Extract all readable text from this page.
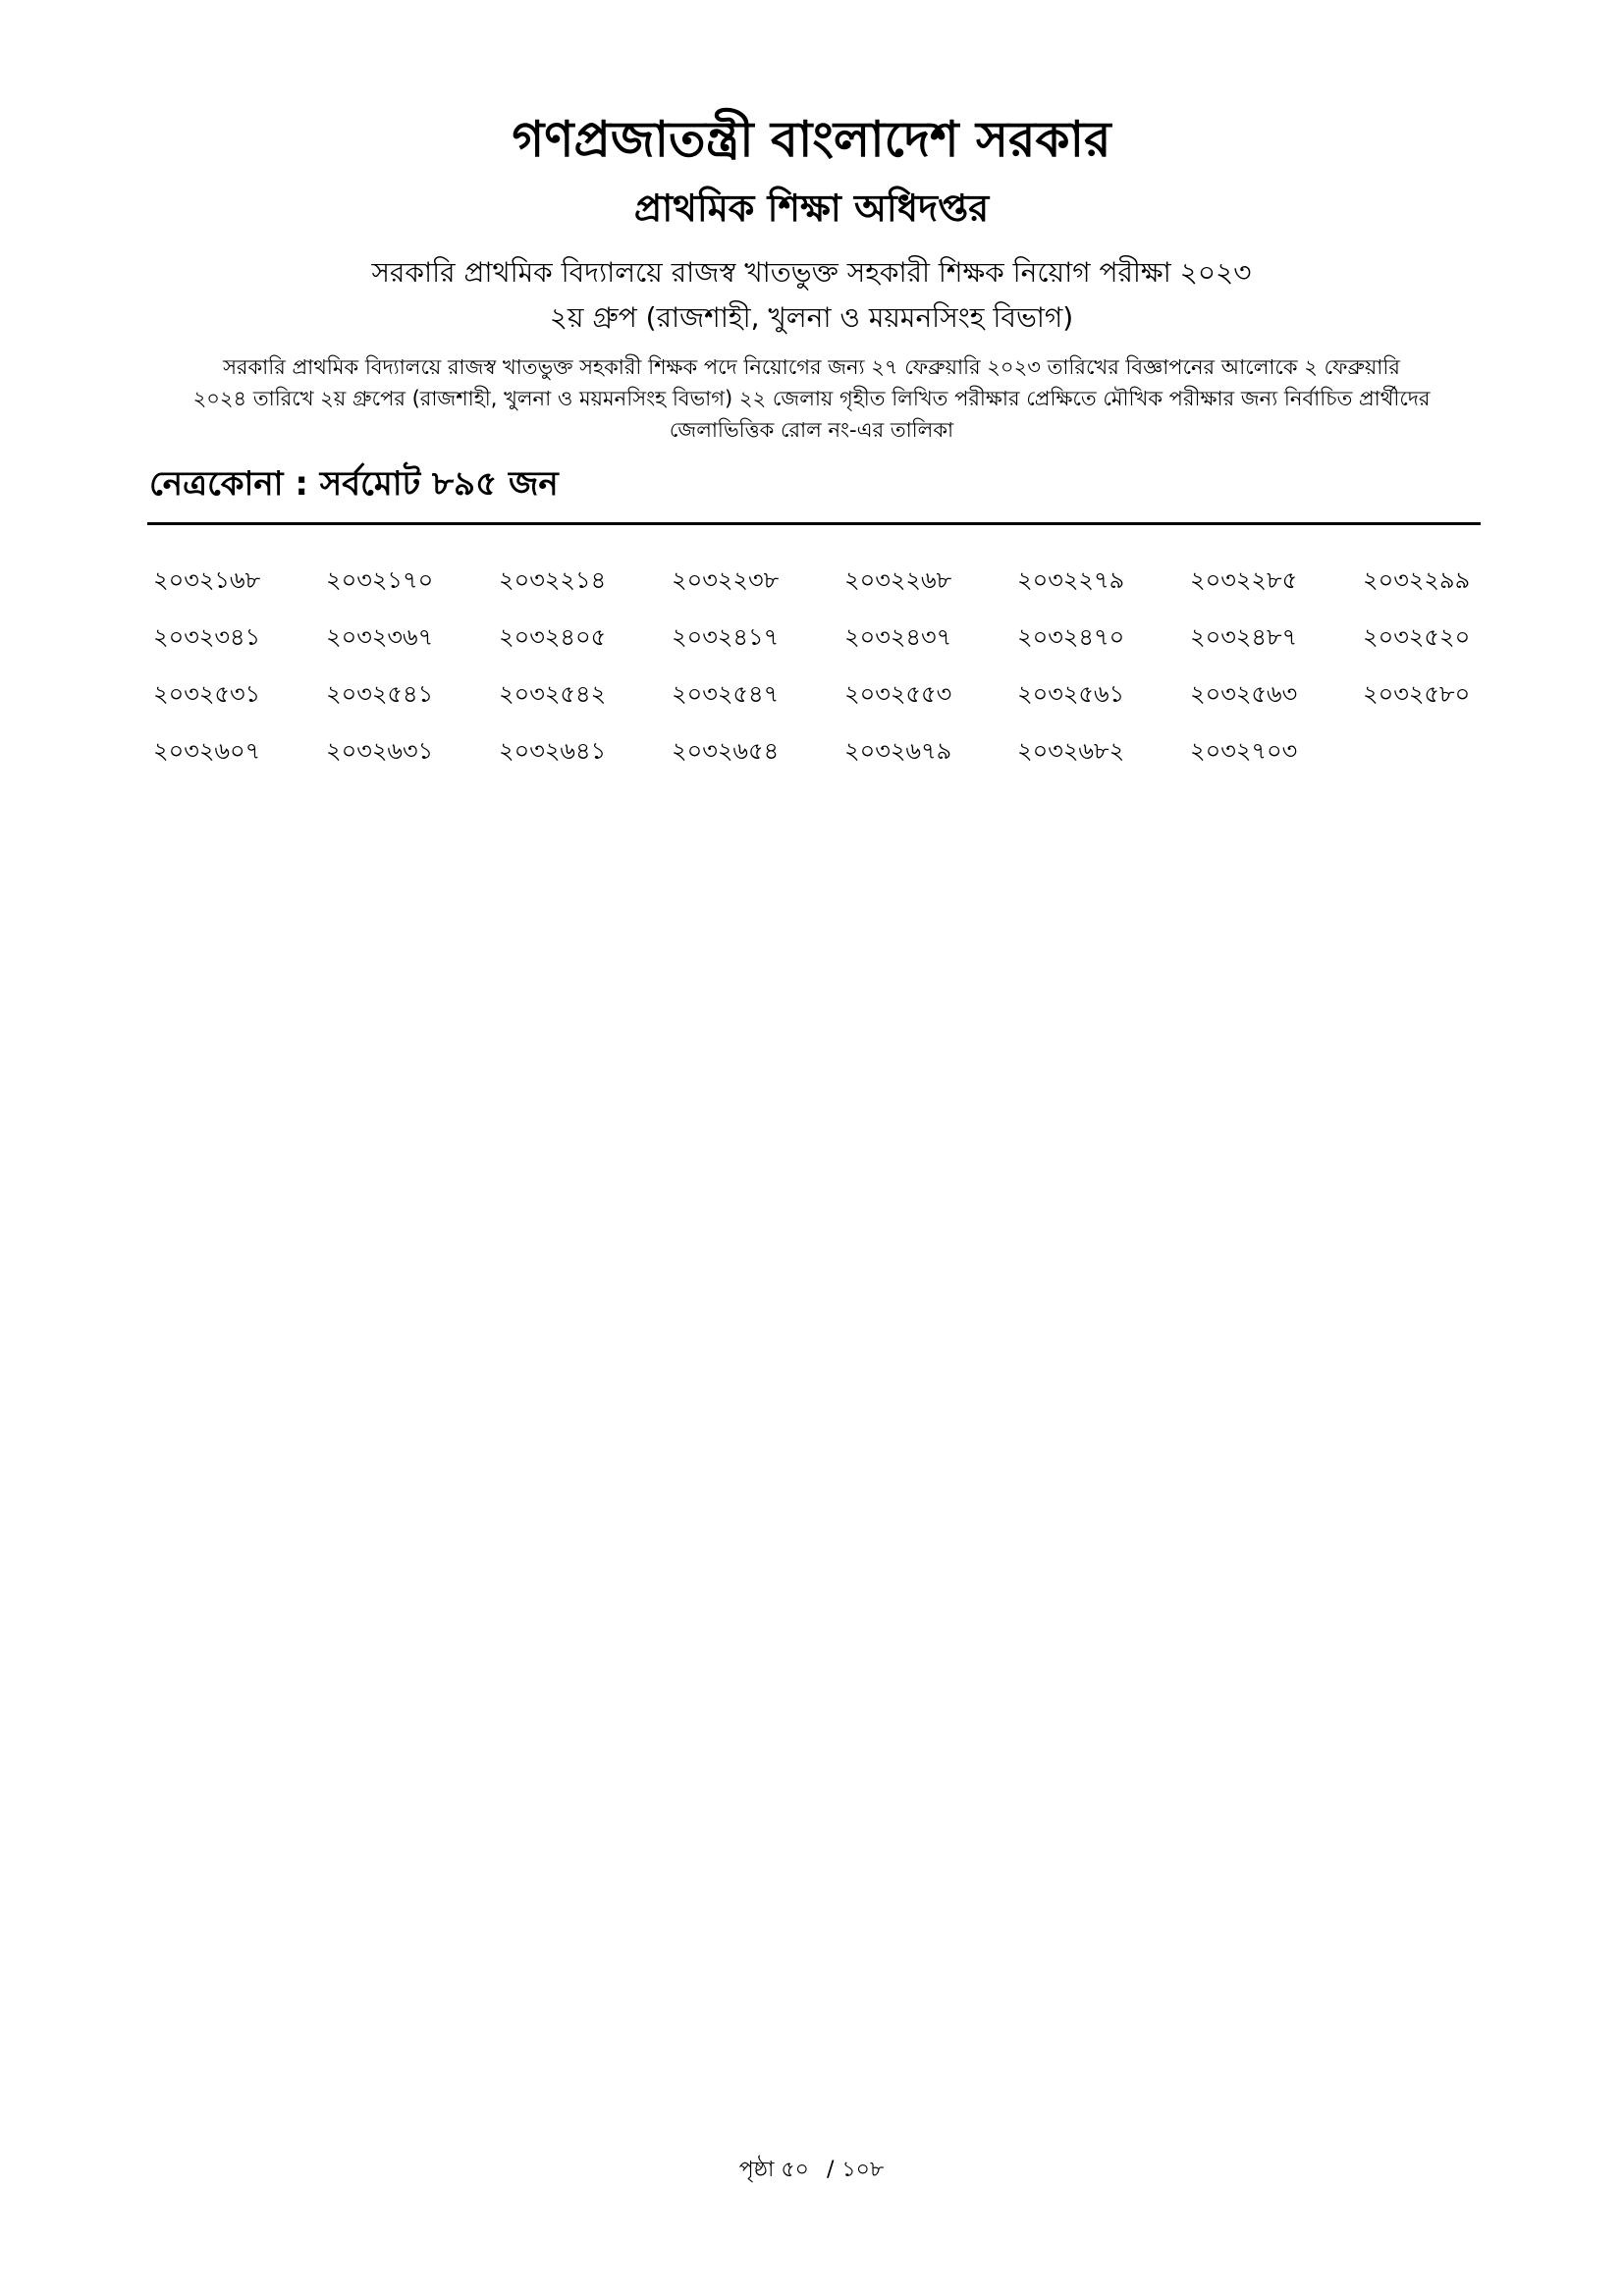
গণপ্রজাতন্ত্রী বাংলাদেশ সরকার
প্রাথমিক শিক্ষা অধিদপ্তর

সরকারি প্রাথমিক বিদ্যালয়ে রাজস্ব খাতভুক্ত সহকারী শিক্ষক নিয়োগ পরীক্ষা ২০২৩

২য় গ্রুপ (রাজশাহী, খুলনা ও ময়মনসিংহ বিভাগ)

সরকারি প্রাথমিক বিদ্যালয়ে রাজস্ব খাতভুক্ত সহকারী শিক্ষক পদে নিয়োগের জন্য ২৭ ফেব্রুয়ারি ২০২৩ তারিখের বিজ্ঞাপনের আলোকে ২ ফেব্রুয়ারি ২০২৪ তারিখে ২য় গ্রুপের (রাজশাহী, খুলনা ও ময়মনসিংহ বিভাগ) ২২ জেলায় গৃহীত লিখিত পরীক্ষার প্রেক্ষিতে মৌখিক পরীক্ষার জন্য নির্বাচিত প্রার্থীদের জেলাভিত্তিক রোল নং-এর তালিকা

নেত্রকোনা : সর্বমোট ৮৯৫ জন
২০৩২১৬৮	২০৩২১৭০	২০৩২২১৪	২০৩২২৩৮	২০৩২২৬৮	২০৩২২৭৯	২০৩২২৮৫	২০৩২২৯৯
২০৩২৩৪১	২০৩২৩৬৭	২০৩২৪০৫	২০৩২৪১৭	২০৩২৪৩৭	২০৩২৪৭০	২০৩২৪৮৭	২০৩২৫২০
২০৩২৫৩১	২০৩২৫৪১	২০৩২৫৪২	২০৩২৫৪৭	২০৩২৫৫৩	২০৩২৫৬১	২০৩২৫৬৩	২০৩২৫৮০
২০৩২৬০৭	২০৩২৬৩১	২০৩২৬৪১	২০৩২৬৫৪	২০৩২৬৭৯	২০৩২৬৮২	২০৩২৭০৩
পৃষ্ঠা ৫০ / ১০৮
